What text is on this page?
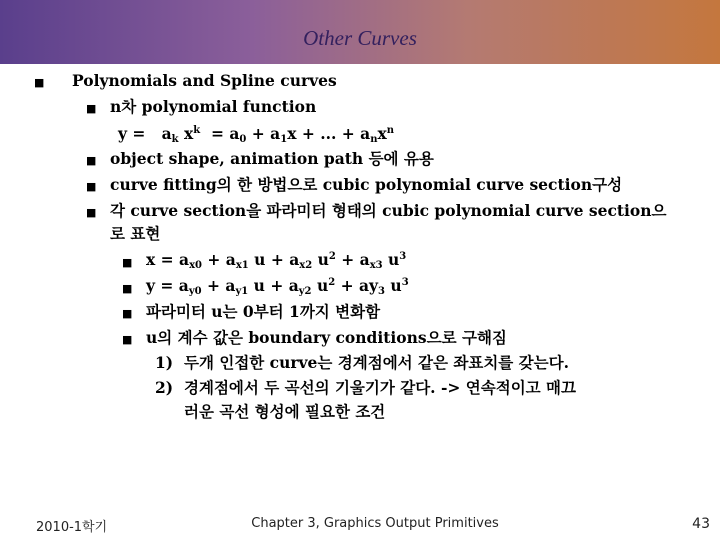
Other Curves
■ Polynomials and Spline curves
■ n차 polynomial function
$y = a_k$ $x^k = a_0 + a_1x$ + ... + $a_nx^n$
■ object shape, animation path 등에 유용
■ curve fitting의 한 방법으로 cubic polynomial curve section구성
■ 각 curve section을 파라미터 형태의 cubic polynomial curve section으
로 표현
■ $x = a_{x0} + a_{x1}$ $u + a_{x2}$ $u^2 + a_{x3}$ $u^3$
■ $y = a_{y0} + a_{y1}$ $u + a_{y2}$ $u^2 + ay_3$ $u^3$
■ 파라미터 u는 0부터 1까지 변화함
■ u의 계수 값은 boundary conditions으로 구해짐
1) 두개 인접한 curve는 경계점에서 같은 좌표치를 갖는다.
2) 경계점에서 두 곡선의 기울기가 같다. -> 연속적이고 매끄
러운 곡선 형성에 필요한 조건
2010-1학기	Chapter 3, Graphics Output Primitives	43
